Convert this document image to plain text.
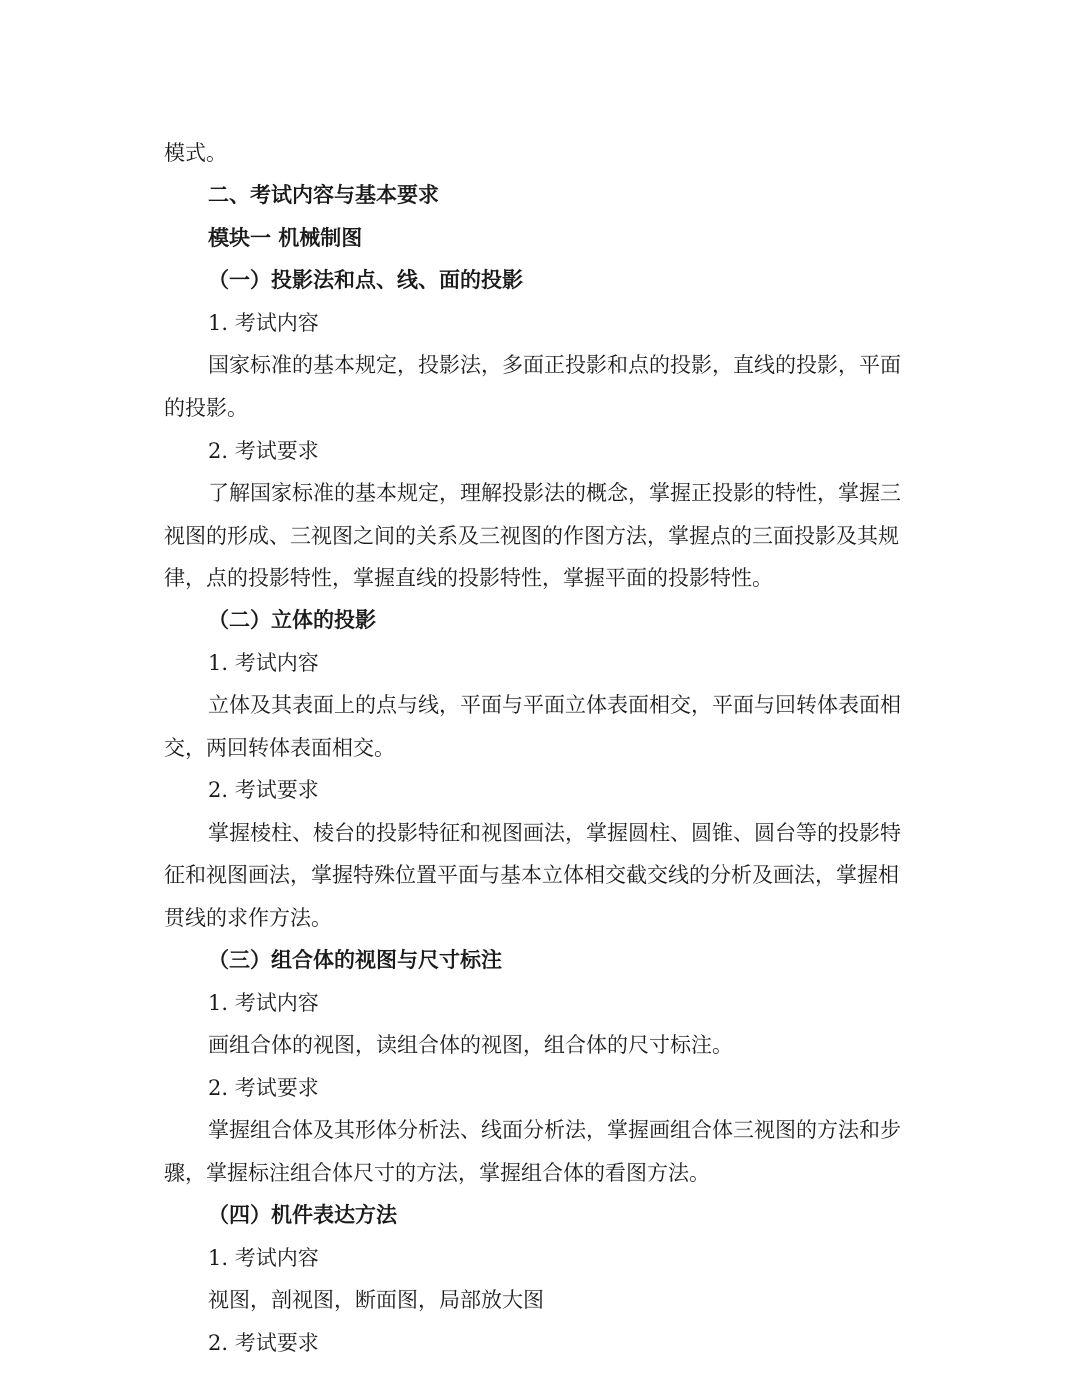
模式。
二、考试内容与基本要求
模块一 机械制图
（一）投影法和点、线、面的投影
1. 考试内容
国家标准的基本规定，投影法，多面正投影和点的投影，直线的投影，平面
的投影。
2. 考试要求
了解国家标准的基本规定，理解投影法的概念，掌握正投影的特性，掌握三
视图的形成、三视图之间的关系及三视图的作图方法，掌握点的三面投影及其规
律，点的投影特性，掌握直线的投影特性，掌握平面的投影特性。
（二）立体的投影
1. 考试内容
立体及其表面上的点与线，平面与平面立体表面相交，平面与回转体表面相
交，两回转体表面相交。
2. 考试要求
掌握棱柱、棱台的投影特征和视图画法，掌握圆柱、圆锥、圆台等的投影特
征和视图画法，掌握特殊位置平面与基本立体相交截交线的分析及画法，掌握相
贯线的求作方法。
（三）组合体的视图与尺寸标注
1. 考试内容
画组合体的视图，读组合体的视图，组合体的尺寸标注。
2. 考试要求
掌握组合体及其形体分析法、线面分析法，掌握画组合体三视图的方法和步
骤，掌握标注组合体尺寸的方法，掌握组合体的看图方法。
（四）机件表达方法
1. 考试内容
视图，剖视图，断面图，局部放大图
2. 考试要求
